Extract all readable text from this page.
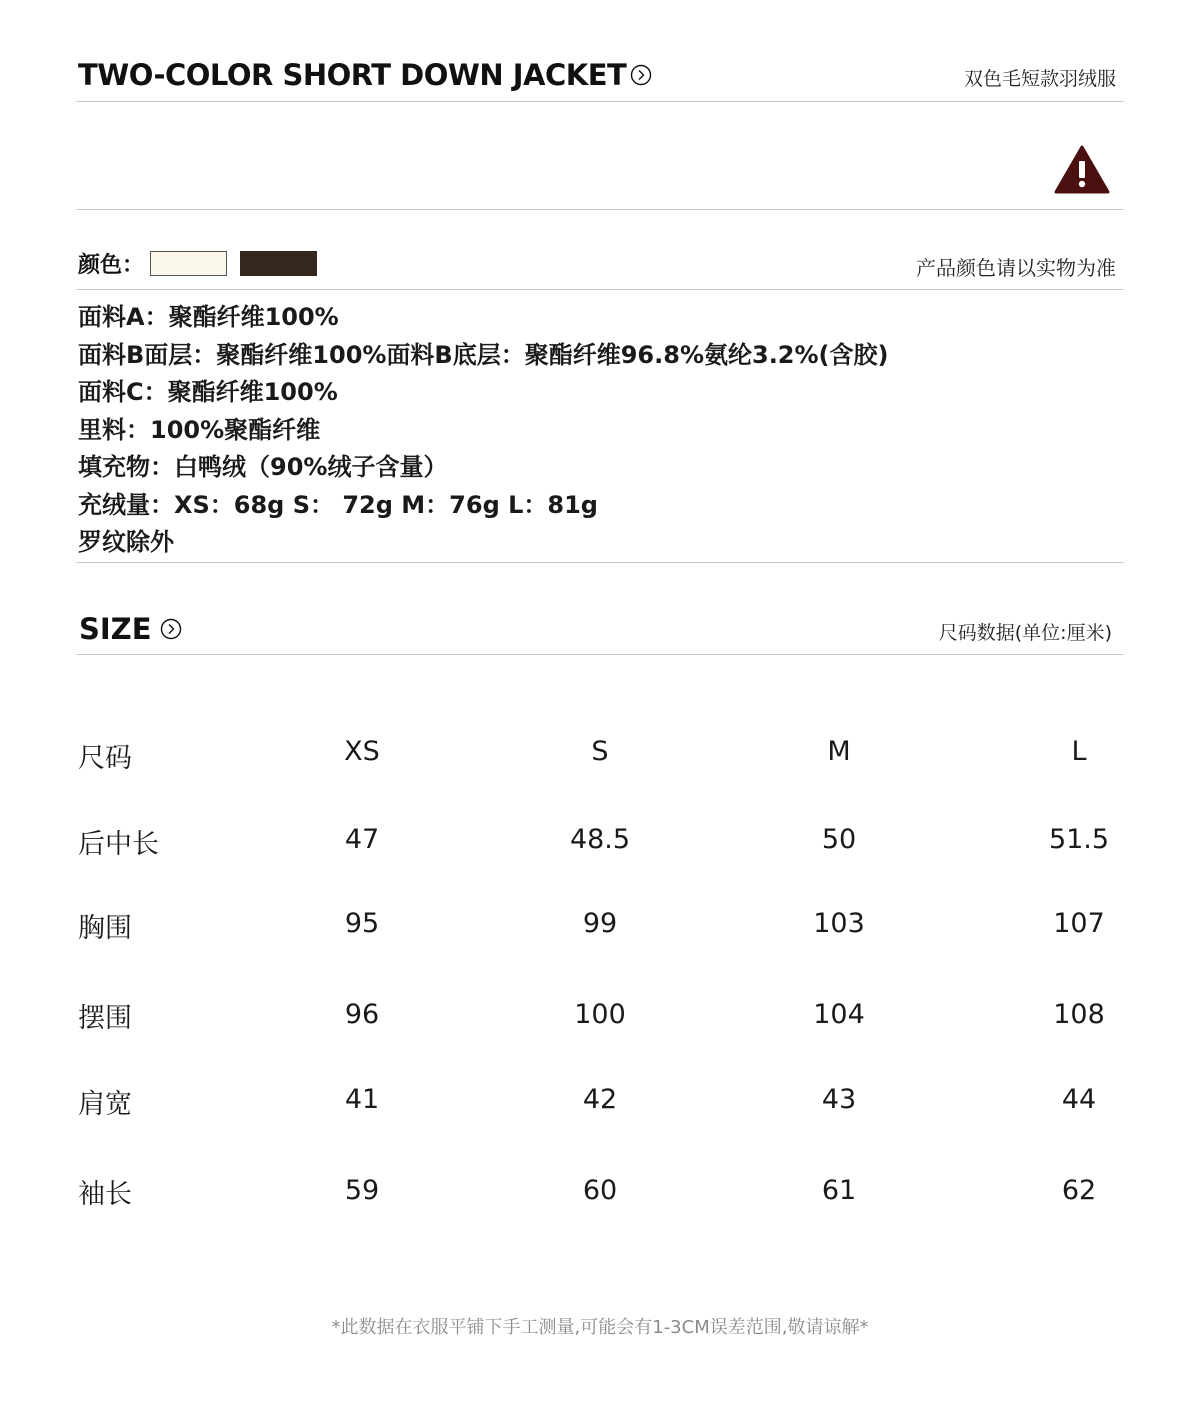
TWO-COLOR SHORT DOWN JACKET	双色毛短款羽绒服
颜色：	产品颜色请以实物为准
面料A：聚酯纤维100%
面料B面层：聚酯纤维100%面料B底层：聚酯纤维96.8%氨纶3.2%(含胶)
面料C：聚酯纤维100%
里料：100%聚酯纤维
填充物：白鸭绒（90%绒子含量）
充绒量：XS：68g S： 72g M：76g L：81g
罗纹除外
SIZE	尺码数据(单位:厘米)
尺码	XS	S	M	L
后中长	47	48.5	50	51.5
胸围	95	99	103	107
摆围	96	100	104	108
肩宽	41	42	43	44
袖长	59	60	61	62
*此数据在衣服平铺下手工测量,可能会有1-3CM误差范围,敬请谅解*
